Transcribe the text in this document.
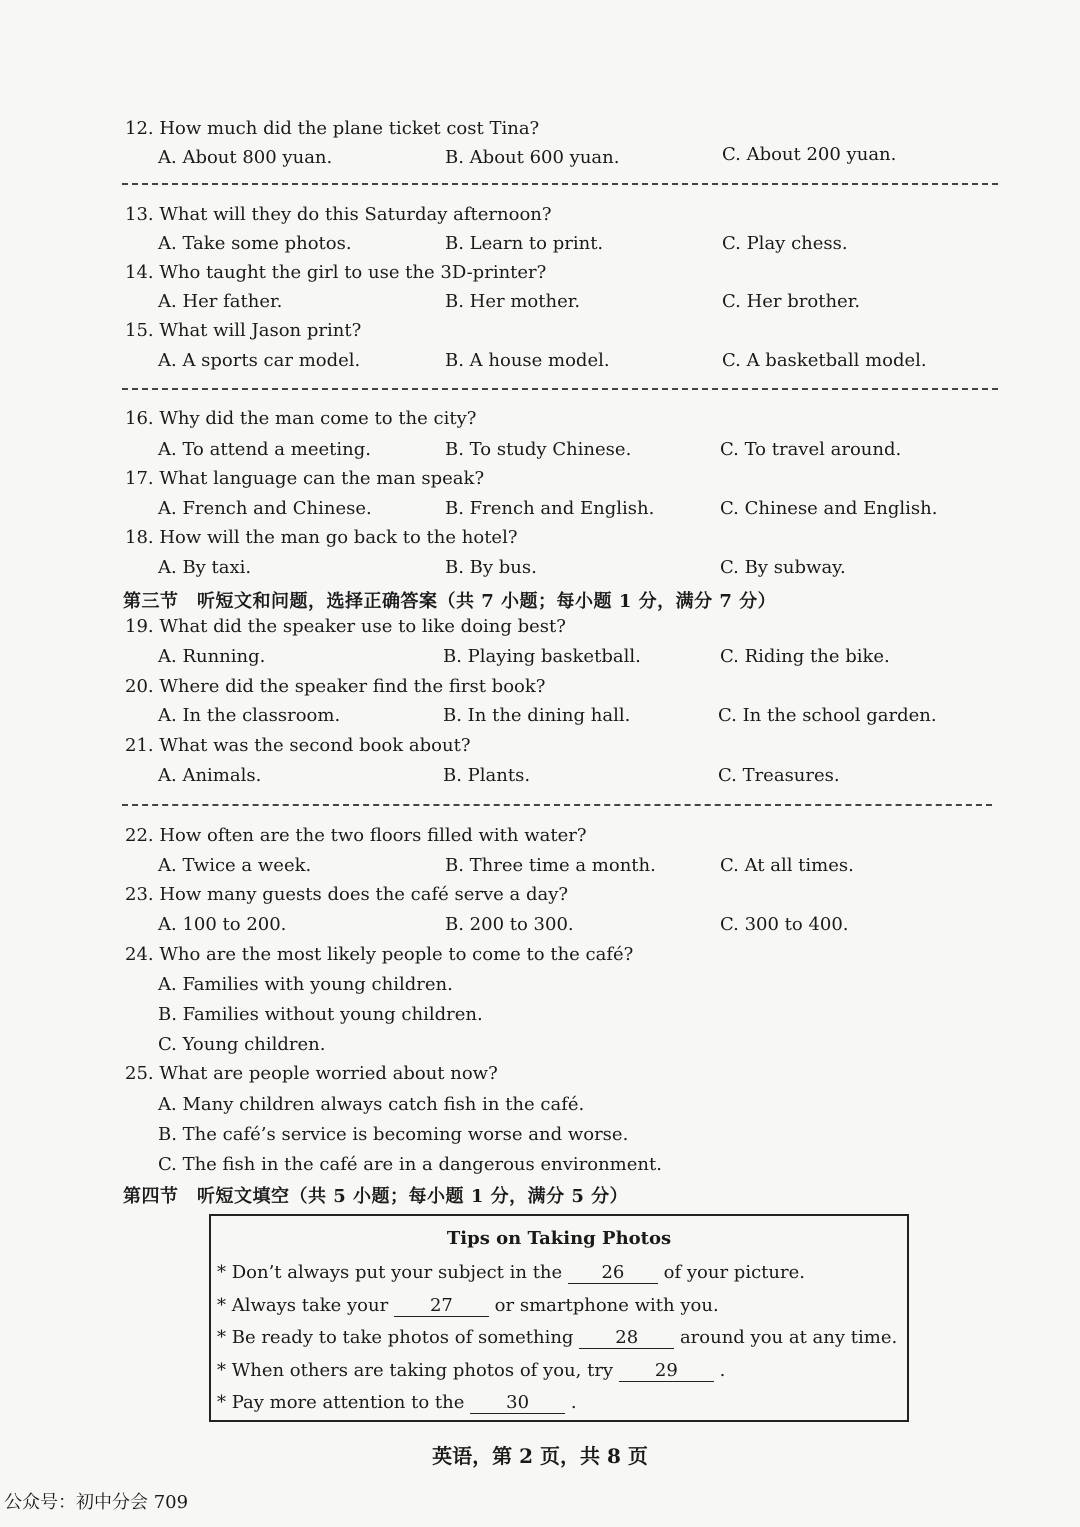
12. How much did the plane ticket cost Tina?
A. About 800 yuan.	B. About 600 yuan.	C. About 200 yuan.
13. What will they do this Saturday afternoon?
A. Take some photos.	B. Learn to print.	C. Play chess.
14. Who taught the girl to use the 3D-printer?
A. Her father.	B. Her mother.	C. Her brother.
15. What will Jason print?
A. A sports car model.	B. A house model.	C. A basketball model.
16. Why did the man come to the city?
A. To attend a meeting.	B. To study Chinese.	C. To travel around.
17. What language can the man speak?
A. French and Chinese.	B. French and English.	C. Chinese and English.
18. How will the man go back to the hotel?
A. By taxi.	B. By bus.	C. By subway.
第三节　听短文和问题，选择正确答案（共 7 小题；每小题 1 分，满分 7 分）
19. What did the speaker use to like doing best?
A. Running.	B. Playing basketball.	C. Riding the bike.
20. Where did the speaker find the first book?
A. In the classroom.	B. In the dining hall.	C. In the school garden.
21. What was the second book about?
A. Animals.	B. Plants.	C. Treasures.
22. How often are the two floors filled with water?
A. Twice a week.	B. Three time a month.	C. At all times.
23. How many guests does the café serve a day?
A. 100 to 200.	B. 200 to 300.	C. 300 to 400.
24. Who are the most likely people to come to the café?
A. Families with young children.
B. Families without young children.
C. Young children.
25. What are people worried about now?
A. Many children always catch fish in the café.
B. The café’s service is becoming worse and worse.
C. The fish in the café are in a dangerous environment.
第四节　听短文填空（共 5 小题；每小题 1 分，满分 5 分）
Tips on Taking Photos
* Don’t always put your subject in the 26 of your picture.
* Always take your 27 or smartphone with you.
* Be ready to take photos of something 28 around you at any time.
* When others are taking photos of you, try 29 .
* Pay more attention to the 30 .
英语，第 2 页，共 8 页
公众号：初中分会 709
